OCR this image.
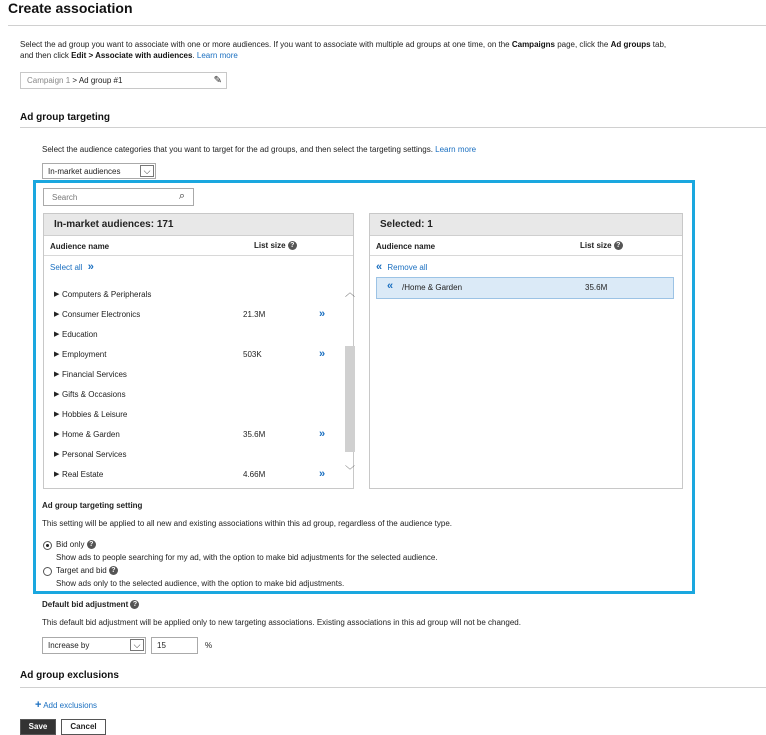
Create association
Select the ad group you want to associate with one or more audiences. If you want to associate with multiple ad groups at one time, on the Campaigns page, click the Ad groups tab, and then click Edit > Associate with audiences. Learn more
Campaign 1 > Ad group #1	✎
Ad group targeting
Select the audience categories that you want to target for the ad groups, and then select the targeting settings. Learn more
In-market audiences	⌵
Search	⌕
In-market audiences: 171
Audience name	List size ?
Select all »
▶ Computers & Peripherals
▶ Consumer Electronics	21.3M	»
▶ Education
▶ Employment	503K	»
▶ Financial Services
▶ Gifts & Occasions
▶ Hobbies & Leisure
▶ Home & Garden	35.6M	»
▶ Personal Services
▶ Real Estate	4.66M	»
︿
﹀
Selected: 1
Audience name	List size ?
« Remove all
« /Home & Garden	35.6M
Ad group targeting setting
This setting will be applied to all new and existing associations within this ad group, regardless of the audience type.
Bid only ?
Show ads to people searching for my ad, with the option to make bid adjustments for the selected audience.
Target and bid ?
Show ads only to the selected audience, with the option to make bid adjustments.
Default bid adjustment ?
This default bid adjustment will be applied only to new targeting associations. Existing associations in this ad group will not be changed.
Increase by	⌵	15	%
Ad group exclusions
+ Add exclusions
Save	Cancel
